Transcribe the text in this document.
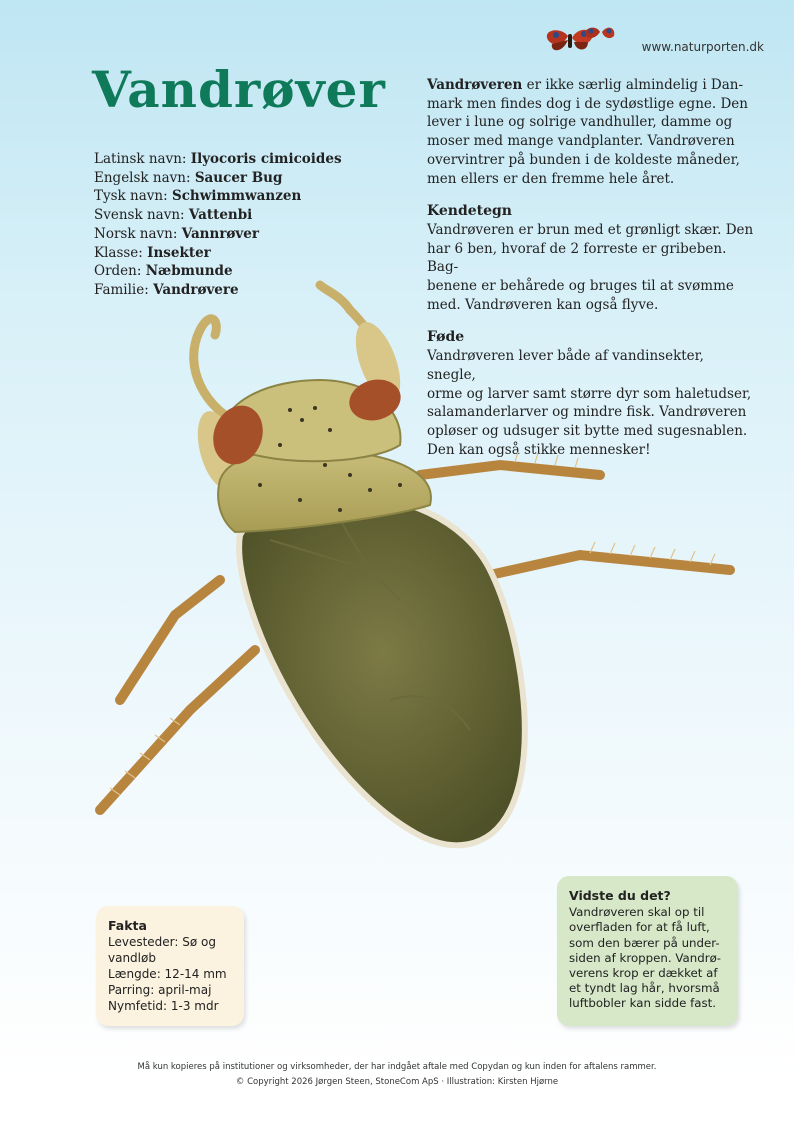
www.naturporten.dk
Vandrøver
Latinsk navn: Ilyocoris cimicoides
Engelsk navn: Saucer Bug
Tysk navn: Schwimmwanzen
Svensk navn: Vattenbi
Norsk navn: Vannrøver
Klasse: Insekter
Orden: Næbmunde
Familie: Vandrøvere

Vandrøveren er ikke særlig almindelig i Dan-
mark men findes dog i de sydøstlige egne. Den
lever i lune og solrige vandhuller, damme og
moser med mange vandplanter. Vandrøveren
overvintrer på bunden i de koldeste måneder,
men ellers er den fremme hele året.

Kendetegn

Vandrøveren er brun med et grønligt skær. Den
har 6 ben, hvoraf de 2 forreste er gribeben. Bag-
benene er behårede og bruges til at svømme
med. Vandrøveren kan også flyve.

Føde

Vandrøveren lever både af vandinsekter, snegle,
orme og larver samt større dyr som haletudser,
salamanderlarver og mindre fisk. Vandrøveren
opløser og udsuger sit bytte med sugesnablen.
Den kan også stikke mennesker!

Fakta
Levesteder: Sø og
vandløb
Længde: 12-14 mm
Parring: april-maj
Nymfetid: 1-3 mdr
Vidste du det?
Vandrøveren skal op til
overfladen for at få luft,
som den bærer på under-
siden af kroppen. Vandrø-
verens krop er dækket af
et tyndt lag hår, hvorsmå
luftbobler kan sidde fast.
Må kun kopieres på institutioner og virksomheder, der har indgået aftale med Copydan og kun inden for aftalens rammer.
© Copyright 2026 Jørgen Steen, StoneCom ApS · Illustration: Kirsten Hjørne
